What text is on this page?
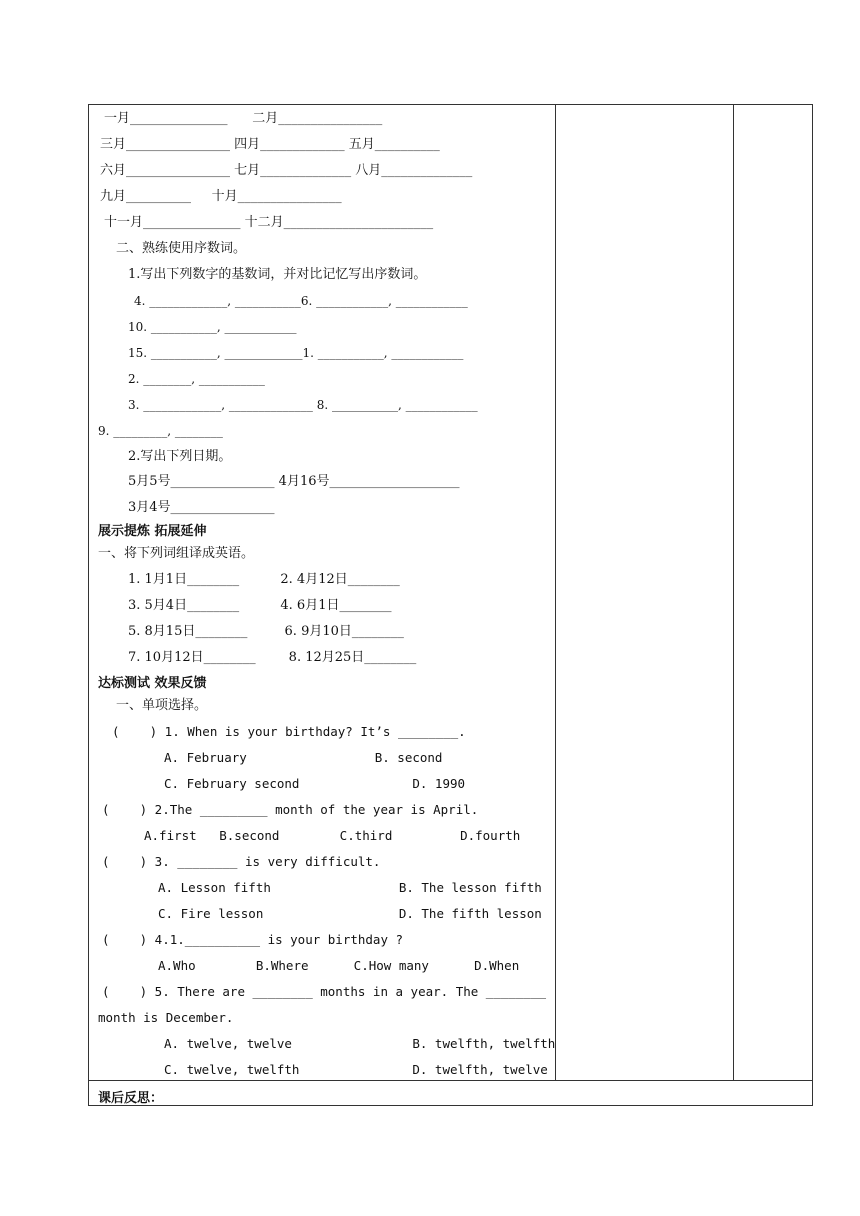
一月_______________      二月________________
三月________________ 四月_____________ 五月__________
六月________________ 七月______________ 八月______________
九月__________     十月________________
十一月_______________ 十二月_______________________
二、熟练使用序数词。
1.写出下列数字的基数词，并对比记忆写出序数词。
4. _____________, ___________6. ____________, ____________
10. ___________, ____________
15. ___________, _____________1. ___________, ____________
2. ________, ___________
3. _____________, ______________ 8. ___________, ____________
9. _________, ________
2.写出下列日期。
5月5号________________ 4月16号____________________
3月4号________________
展示提炼 拓展延伸
一、将下列词组译成英语。
1. 1月1日________          2. 4月12日________
3. 5月4日________          4. 6月1日________
5. 8月15日________         6. 9月10日________
7. 10月12日________        8. 12月25日________
达标测试 效果反馈
一、单项选择。
(    ) 1. When is your birthday? It’s ________.
A. February                 B. second
C. February second               D. 1990
(    ) 2.The _________ month of the year is April.
A.first   B.second        C.third         D.fourth
(    ) 3. ________ is very difficult.
A. Lesson fifth                 B. The lesson fifth
C. Fire lesson                  D. The fifth lesson
(    ) 4.1.__________ is your birthday ?
A.Who        B.Where      C.How many      D.When
(    ) 5. There are ________ months in a year. The ________
month is December.
A. twelve, twelve                B. twelfth, twelfth
C. twelve, twelfth               D. twelfth, twelve
课后反思：
